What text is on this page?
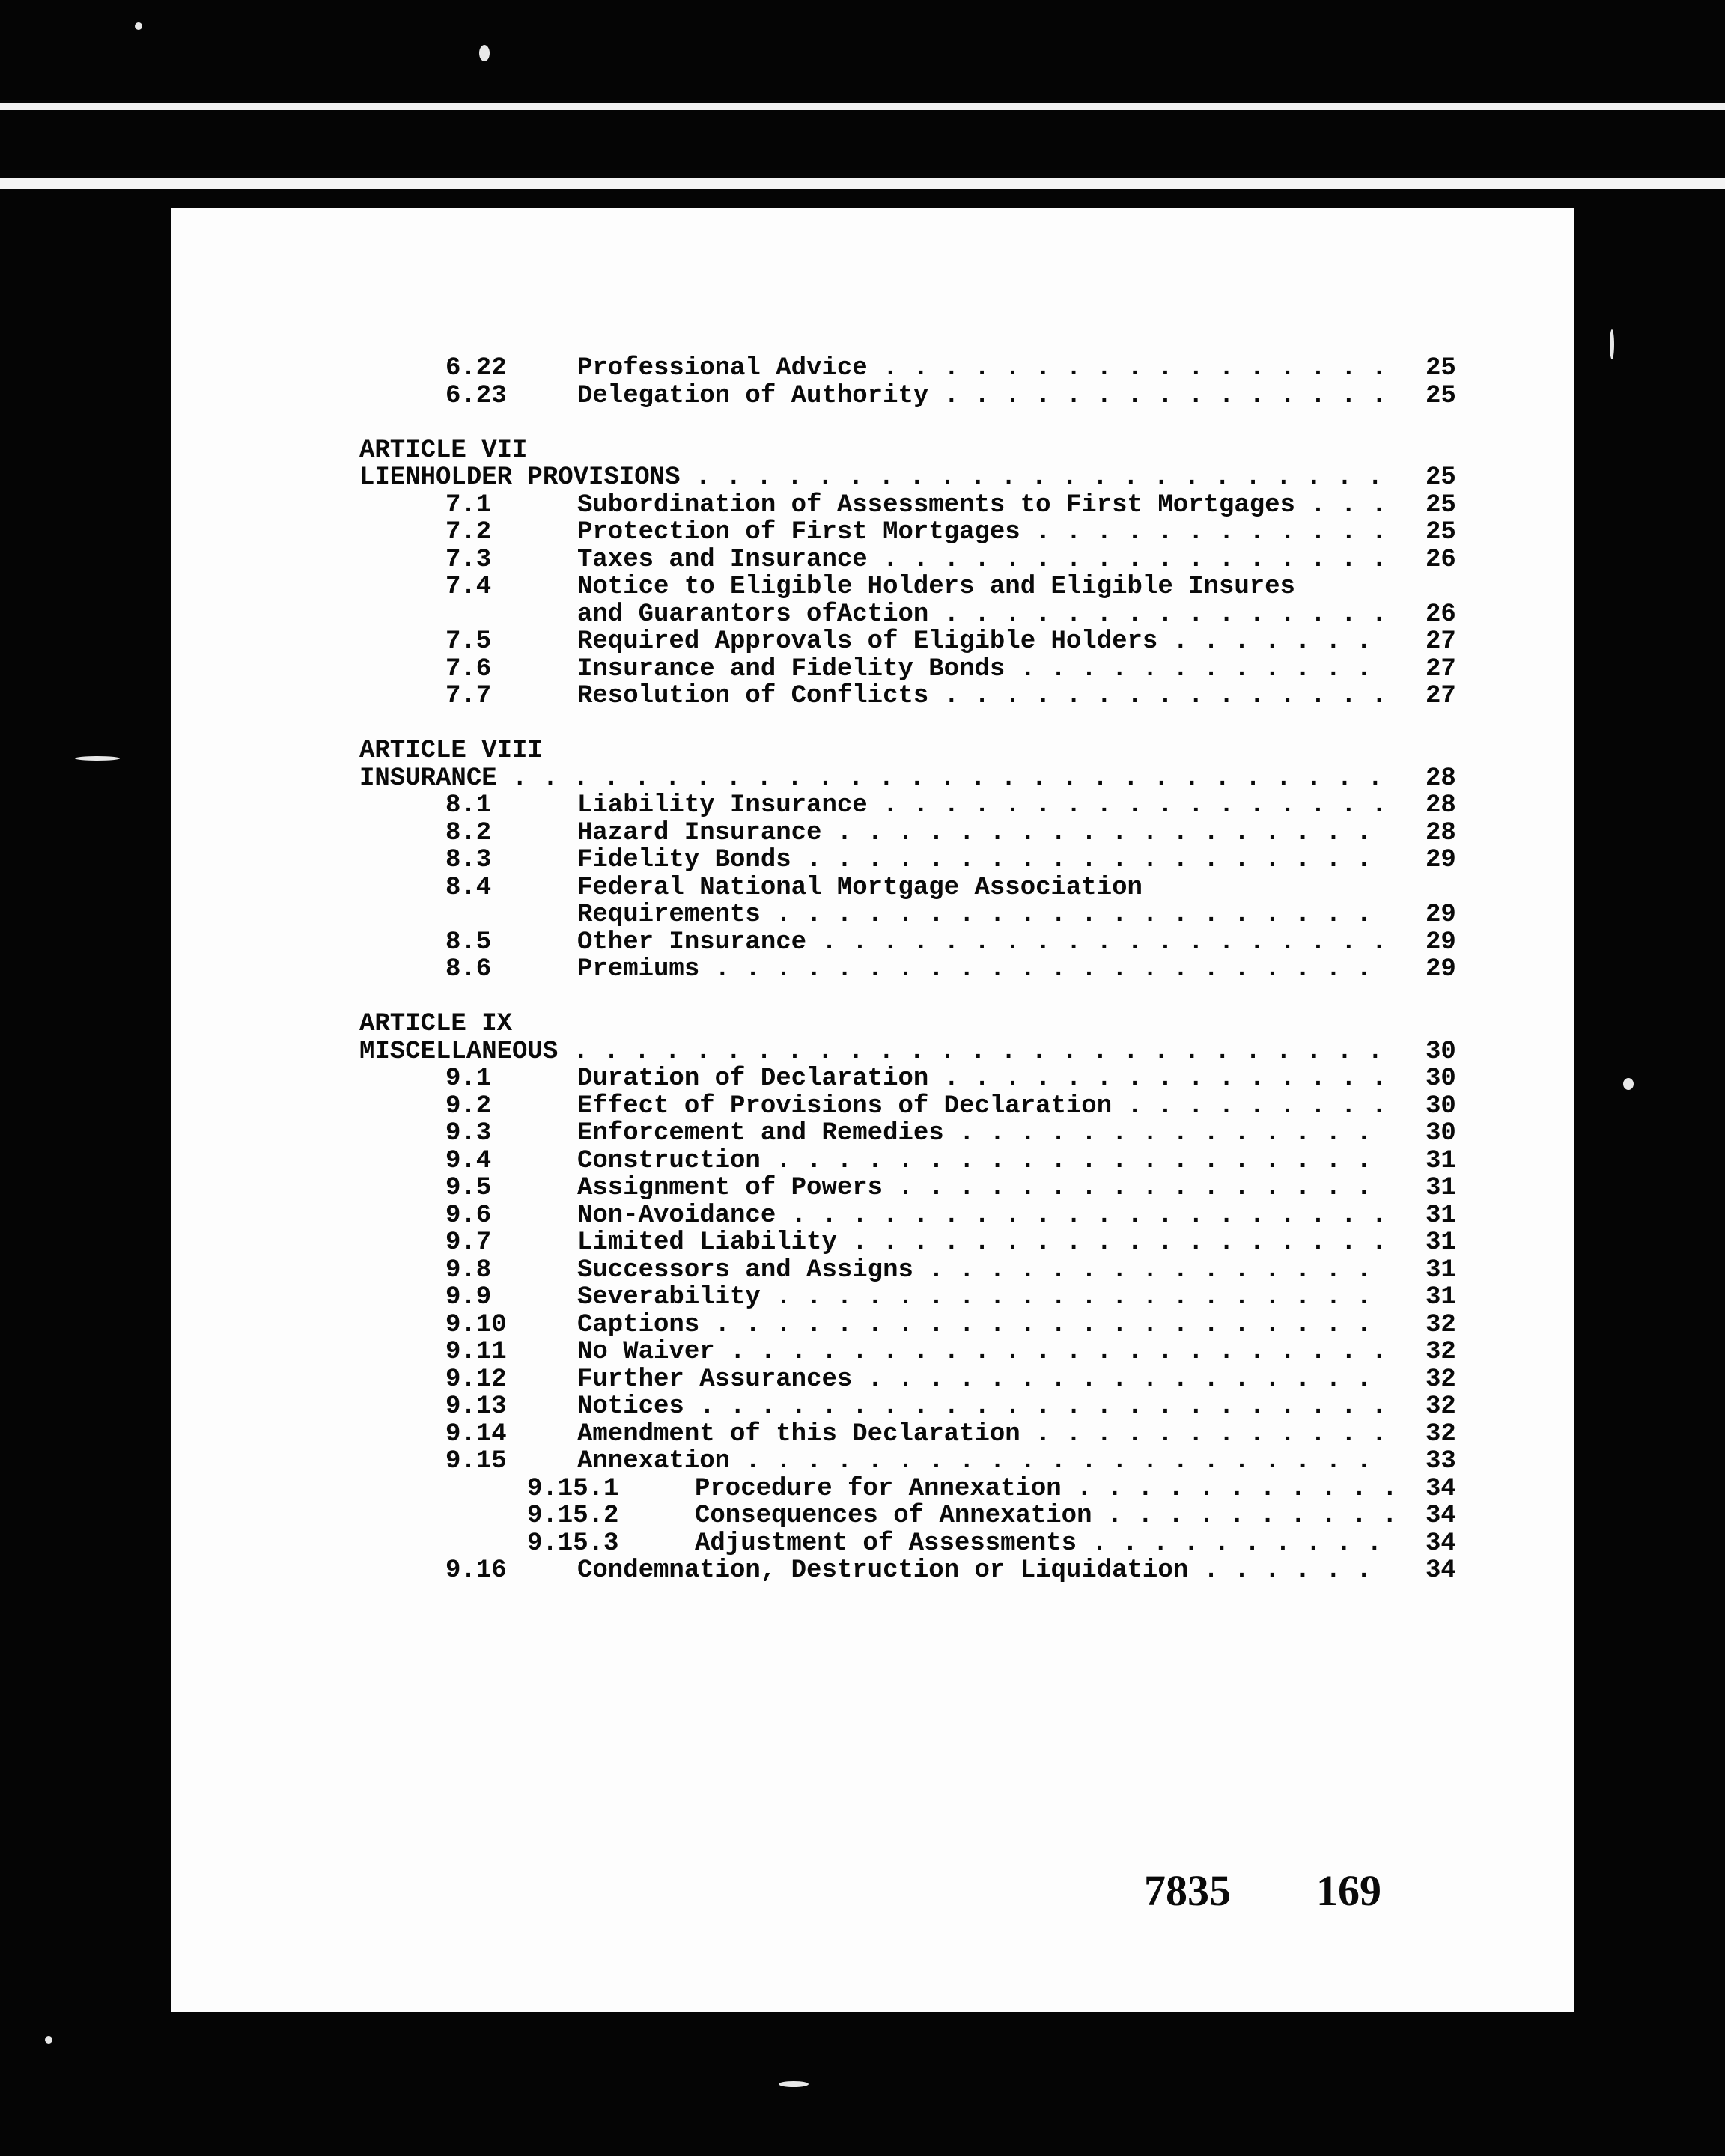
6.22	Professional Advice . . . . . . . . . . . . . . . . . 25
6.23	Delegation of Authority . . . . . . . . . . . . . . . 25
ARTICLE VII
LIENHOLDER PROVISIONS . . . . . . . . . . . . . . . . . . . . . . . 25
7.1	Subordination of Assessments to First Mortgages . . . 25
7.2	Protection of First Mortgages . . . . . . . . . . . . 25
7.3	Taxes and Insurance . . . . . . . . . . . . . . . . . 26
7.4	Notice to Eligible Holders and Eligible Insures
and Guarantors ofAction . . . . . . . . . . . . . . . 26
7.5	Required Approvals of Eligible Holders . . . . . . . 27
7.6	Insurance and Fidelity Bonds . . . . . . . . . . . . 27
7.7	Resolution of Conflicts . . . . . . . . . . . . . . . 27
ARTICLE VIII
INSURANCE . . . . . . . . . . . . . . . . . . . . . . . . . . . . . 28
8.1	Liability Insurance . . . . . . . . . . . . . . . . . 28
8.2	Hazard Insurance . . . . . . . . . . . . . . . . . . 28
8.3	Fidelity Bonds . . . . . . . . . . . . . . . . . . . 29
8.4	Federal National Mortgage Association
Requirements . . . . . . . . . . . . . . . . . . . . 29
8.5	Other Insurance . . . . . . . . . . . . . . . . . . . 29
8.6	Premiums . . . . . . . . . . . . . . . . . . . . . . 29
ARTICLE IX
MISCELLANEOUS . . . . . . . . . . . . . . . . . . . . . . . . . . . 30
9.1	Duration of Declaration . . . . . . . . . . . . . . . 30
9.2	Effect of Provisions of Declaration . . . . . . . . . 30
9.3	Enforcement and Remedies . . . . . . . . . . . . . . 30
9.4	Construction . . . . . . . . . . . . . . . . . . . . 31
9.5	Assignment of Powers . . . . . . . . . . . . . . . . 31
9.6	Non-Avoidance . . . . . . . . . . . . . . . . . . . . 31
9.7	Limited Liability . . . . . . . . . . . . . . . . . . 31
9.8	Successors and Assigns . . . . . . . . . . . . . . . 31
9.9	Severability . . . . . . . . . . . . . . . . . . . . 31
9.10	Captions . . . . . . . . . . . . . . . . . . . . . . 32
9.11	No Waiver . . . . . . . . . . . . . . . . . . . . . . 32
9.12	Further Assurances . . . . . . . . . . . . . . . . . 32
9.13	Notices . . . . . . . . . . . . . . . . . . . . . . . 32
9.14	Amendment of this Declaration . . . . . . . . . . . . 32
9.15	Annexation . . . . . . . . . . . . . . . . . . . . . 33
9.15.1	Procedure for Annexation . . . . . . . . . . . 34
9.15.2	Consequences of Annexation . . . . . . . . . . 34
9.15.3	Adjustment of Assessments . . . . . . . . . . 34
9.16	Condemnation, Destruction or Liquidation . . . . . . 34
7835 169
